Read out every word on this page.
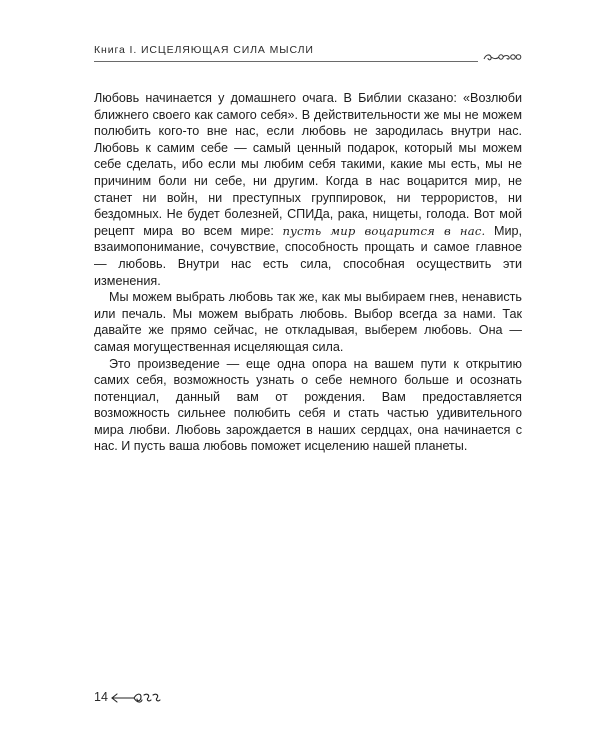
Книга I. ИСЦЕЛЯЮЩАЯ СИЛА МЫСЛИ

Любовь начинается у домашнего очага. В Библии сказано: «Возлюби ближнего своего как самого себя». В действительности же мы не можем полюбить кого-то вне нас, если любовь не зародилась внутри нас. Любовь к самим себе — самый ценный подарок, который мы можем себе сделать, ибо если мы любим себя такими, какие мы есть, мы не причиним боли ни себе, ни другим. Когда в нас воцарится мир, не станет ни войн, ни преступных группировок, ни террористов, ни бездомных. Не будет болезней, СПИДа, рака, нищеты, голода. Вот мой рецепт мира во всем мире: пусть мир воцарится в нас. Мир, взаимопонимание, сочувствие, способность прощать и самое главное — любовь. Внутри нас есть сила, способная осуществить эти изменения.

Мы можем выбрать любовь так же, как мы выбираем гнев, ненависть или печаль. Мы можем выбрать любовь. Выбор всегда за нами. Так давайте же прямо сейчас, не откладывая, выберем любовь. Она — самая могущественная исцеляющая сила.

Это произведение — еще одна опора на вашем пути к открытию самих себя, возможность узнать о себе немного больше и осознать потенциал, данный вам от рождения. Вам предоставляется возможность сильнее полюбить себя и стать частью удивительного мира любви. Любовь зарождается в наших сердцах, она начинается с нас. И пусть ваша любовь поможет исцелению нашей планеты.

14
